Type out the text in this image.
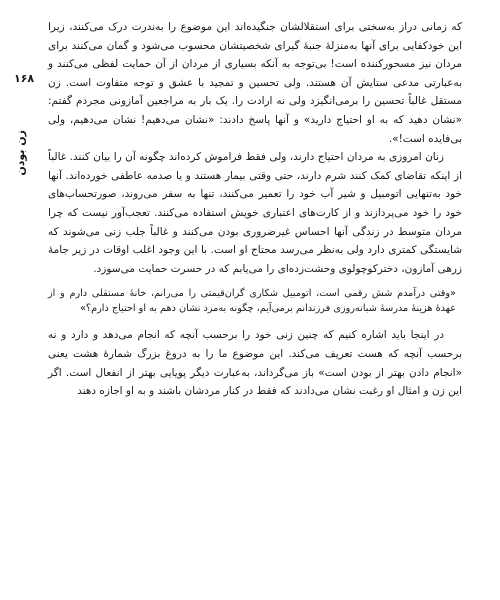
۱۶۸
زن بودن

که زمانی دراز به‌سختی برای استقلالشان جنگیده‌اند این موضوع را به‌ندرت درک می‌کنند، زیرا این خودکفایی برای آنها به‌منزلهٔ جنبهٔ گیرای شخصیتشان محسوب می‌شود و گمان می‌کنند برای مردان نیز مسحورکننده است! بی‌توجه به آنکه بسیاری از مردان از آن حمایت لفظی می‌کنند و به‌عبارتی مدعی ستایش آن هستند. ولی تحسین و تمجید با عشق و توجه متفاوت است. زن مستقل غالباً تحسین را برمی‌انگیزد ولی نه ارادت را. یک بار به مراجعین آمازونی مجردم گفتم: «نشان دهید که به او احتیاج دارید» و آنها پاسخ دادند: «نشان می‌دهیم! نشان می‌دهیم، ولی بی‌فایده است!».

زنان امروزی به مردان احتیاج دارند، ولی فقط فراموش کرده‌اند چگونه آن را بیان کنند. غالباً از اینکه تقاضای کمک کنند شرم دارند، حتی وقتی بیمار هستند و یا صدمه عاطفی خورده‌اند. آنها خود به‌تنهایی اتومبیل و شیر آب خود را تعمیر می‌کنند، تنها به سفر می‌روند، صورتحساب‌های خود را خود می‌پردازند و از کارت‌های اعتباری خویش استفاده می‌کنند. تعجب‌آور نیست که چرا مردان متوسط در زندگی آنها احساس غیرضروری بودن می‌کنند و غالباً جلب زنی می‌شوند که شایستگی کمتری دارد ولی به‌نظر می‌رسد محتاج او است. با این وجود اغلب اوقات در زیر جامهٔ زرهی آمازون، دخترکوچولوی وحشت‌زده‌ای را می‌یابم که در حسرت حمایت می‌سوزد.

«وقتی درآمدم شش رقمی است، اتومبیل شکاری گران‌قیمتی را می‌رانم، خانهٔ مستقلی دارم و از عهدهٔ هزینهٔ مدرسهٔ شبانه‌روزی فرزندانم برمی‌آیم، چگونه به‌مرد نشان دهم به او احتیاج دارم؟»

در اینجا باید اشاره کنیم که چنین زنی خود را برحسب آنچه که انجام می‌دهد و دارد و نه برحسب آنچه که هست تعریف می‌کند. این موضوع ما را به دروغ بزرگ شمارهٔ هشت یعنی «انجام دادن بهتر از بودن است» باز می‌گرداند، به‌عبارت دیگر پویایی بهتر از انفعال است. اگر این زن و امثال او رغبت نشان می‌دادند که فقط در کنار مردشان باشند و به او اجازه دهند
